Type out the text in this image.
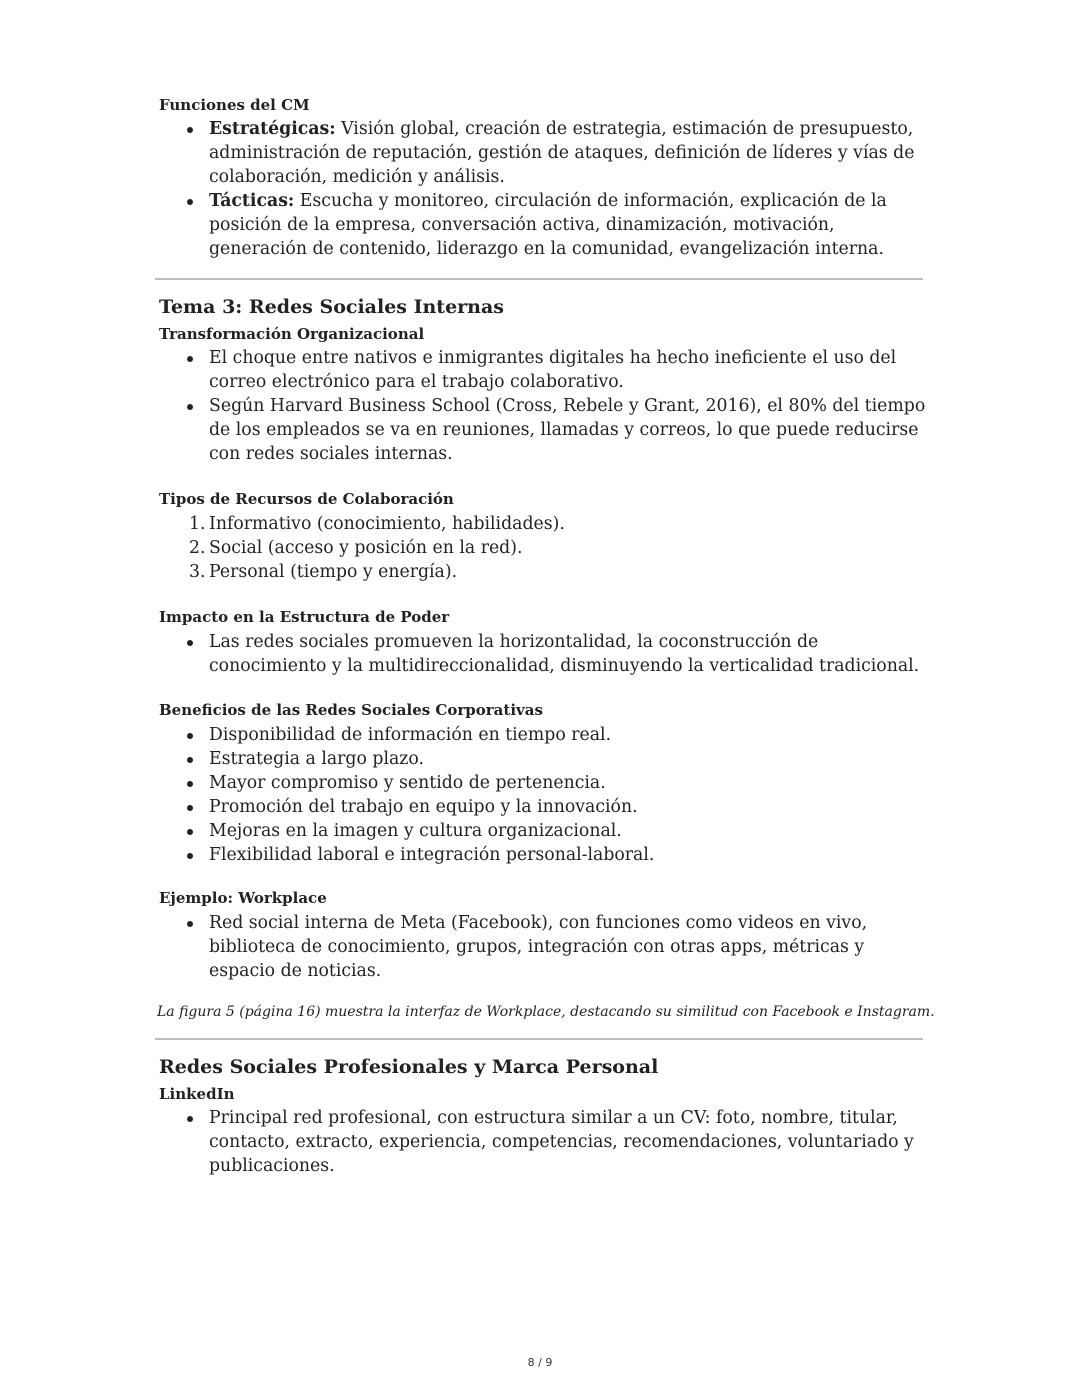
Funciones del CM
Estratégicas: Visión global, creación de estrategia, estimación de presupuesto, administración de reputación, gestión de ataques, definición de líderes y vías de colaboración, medición y análisis.
Tácticas: Escucha y monitoreo, circulación de información, explicación de la posición de la empresa, conversación activa, dinamización, motivación, generación de contenido, liderazgo en la comunidad, evangelización interna.
Tema 3: Redes Sociales Internas
Transformación Organizacional
El choque entre nativos e inmigrantes digitales ha hecho ineficiente el uso del correo electrónico para el trabajo colaborativo.
Según Harvard Business School (Cross, Rebele y Grant, 2016), el 80% del tiempo de los empleados se va en reuniones, llamadas y correos, lo que puede reducirse con redes sociales internas.
Tipos de Recursos de Colaboración
1. Informativo (conocimiento, habilidades).
2. Social (acceso y posición en la red).
3. Personal (tiempo y energía).
Impacto en la Estructura de Poder
Las redes sociales promueven la horizontalidad, la coconstrucción de conocimiento y la multidireccionalidad, disminuyendo la verticalidad tradicional.
Beneficios de las Redes Sociales Corporativas
Disponibilidad de información en tiempo real.
Estrategia a largo plazo.
Mayor compromiso y sentido de pertenencia.
Promoción del trabajo en equipo y la innovación.
Mejoras en la imagen y cultura organizacional.
Flexibilidad laboral e integración personal-laboral.
Ejemplo: Workplace
Red social interna de Meta (Facebook), con funciones como videos en vivo, biblioteca de conocimiento, grupos, integración con otras apps, métricas y espacio de noticias.
La figura 5 (página 16) muestra la interfaz de Workplace, destacando su similitud con Facebook e Instagram.
Redes Sociales Profesionales y Marca Personal
LinkedIn
Principal red profesional, con estructura similar a un CV: foto, nombre, titular, contacto, extracto, experiencia, competencias, recomendaciones, voluntariado y publicaciones.
8 / 9
